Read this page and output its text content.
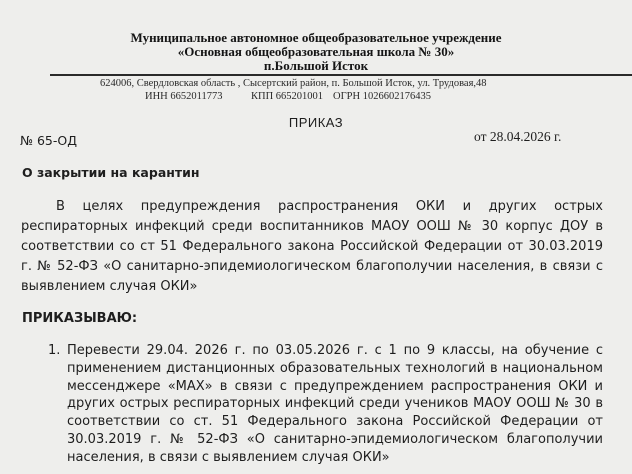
Муниципальное автономное общеобразовательное учреждение
«Основная общеобразовательная школа № 30»
п.Большой Исток
624006, Свердловская область , Сысертский район, п. Большой Исток, ул. Трудовая,48
ИНН 6652011773	КПП 665201001 ОГРН 1026602176435
ПРИКАЗ
№ 65-ОД	от 28.04.2026 г.
О закрытии на карантин

В целях предупреждения распространения ОКИ и других острых респираторных инфекций среди воспитанников МАОУ ООШ № 30 корпус ДОУ в соответствии со ст 51 Федерального закона Российской Федерации от 30.03.2019 г. № 52-ФЗ «О санитарно-эпидемиологическом благополучии населения, в связи с выявлением случая ОКИ»

ПРИКАЗЫВАЮ:
1. Перевести 29.04. 2026 г. по 03.05.2026 г. с 1 по 9 классы, на обучение с применением дистанционных образовательных технологий в национальном мессенджере «МАХ» в связи с предупреждением распространения ОКИ и других острых респираторных инфекций среди учеников МАОУ ООШ № 30 в соответствии со ст. 51 Федерального закона Российской Федерации от 30.03.2019 г. № 52-ФЗ «О санитарно-эпидемиологическом благополучии населения, в связи с выявлением случая ОКИ»
